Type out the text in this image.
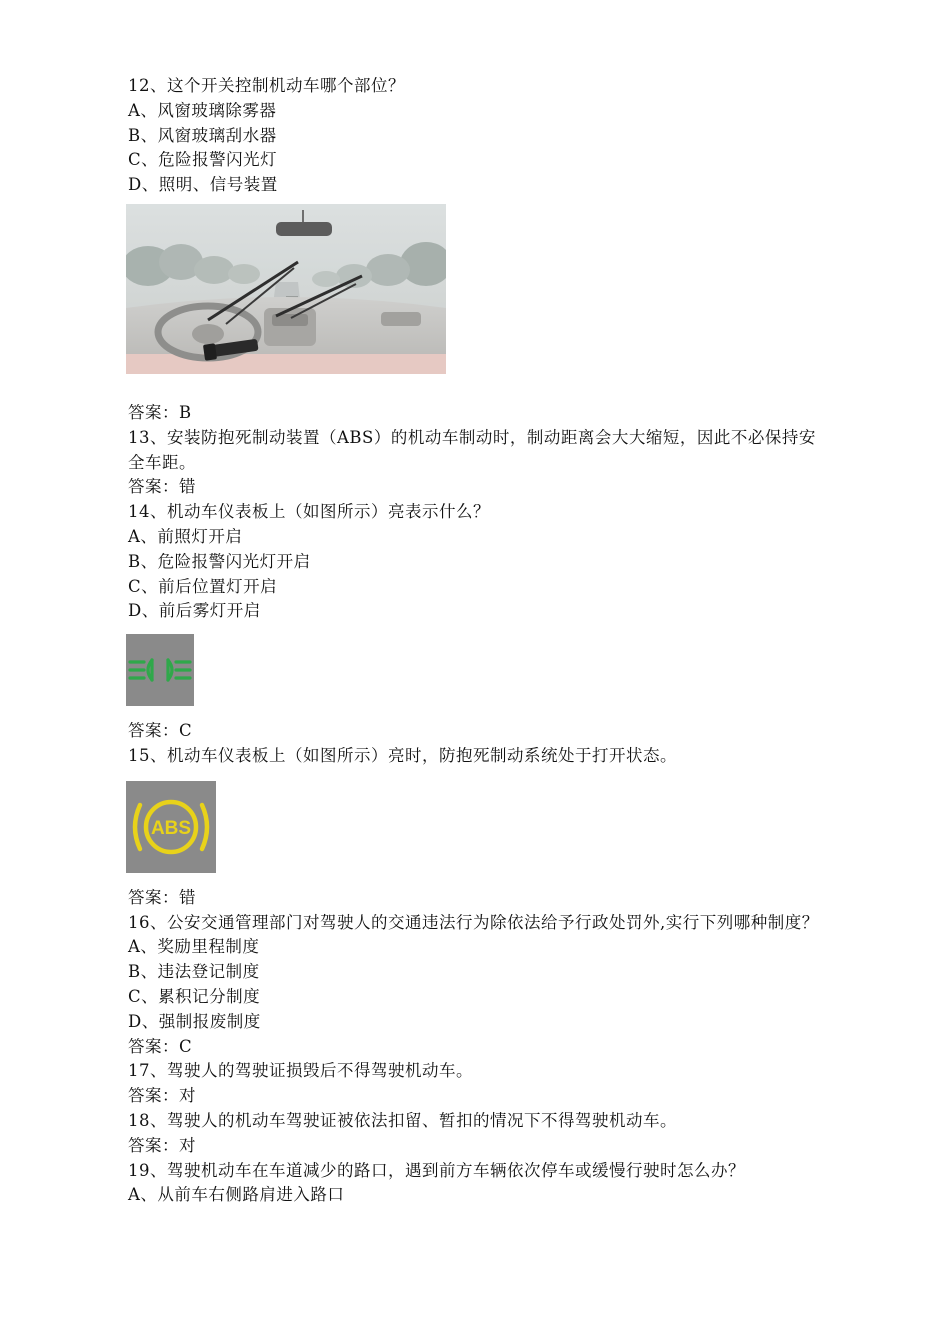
12、这个开关控制机动车哪个部位？
A、风窗玻璃除雾器
B、风窗玻璃刮水器
C、危险报警闪光灯
D、照明、信号装置
答案：B
13、安装防抱死制动装置（ABS）的机动车制动时，制动距离会大大缩短，因此不必保持安全车距。
答案：错
14、机动车仪表板上（如图所示）亮表示什么？
A、前照灯开启
B、危险报警闪光灯开启
C、前后位置灯开启
D、前后雾灯开启
答案：C
15、机动车仪表板上（如图所示）亮时，防抱死制动系统处于打开状态。
ABS
答案：错
16、公安交通管理部门对驾驶人的交通违法行为除依法给予行政处罚外,实行下列哪种制度？
A、奖励里程制度
B、违法登记制度
C、累积记分制度
D、强制报废制度
答案：C
17、驾驶人的驾驶证损毁后不得驾驶机动车。
答案：对
18、驾驶人的机动车驾驶证被依法扣留、暂扣的情况下不得驾驶机动车。
答案：对
19、驾驶机动车在车道减少的路口，遇到前方车辆依次停车或缓慢行驶时怎么办？
A、从前车右侧路肩进入路口
